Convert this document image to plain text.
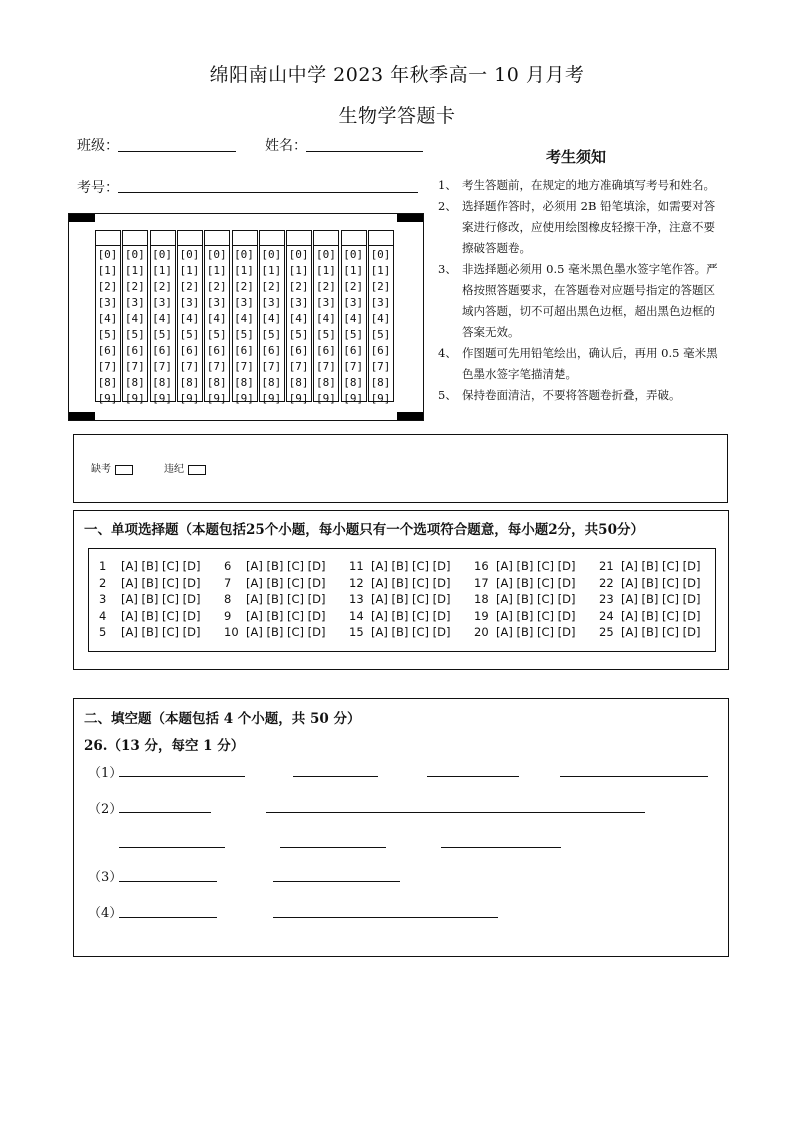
绵阳南山中学 2023 年秋季高一 10 月月考
生物学答题卡
班级：	姓名：
考号：
考生须知
1、 考生答题前，在规定的地方准确填写考号和姓名。
2、 选择题作答时，必须用 2B 铅笔填涂，如需要对答案进行修改，应使用绘图橡皮轻擦干净，注意不要擦破答题卷。
3、 非选择题必须用 0.5 毫米黑色墨水签字笔作答。严格按照答题要求，在答题卷对应题号指定的答题区域内答题，切不可超出黑色边框，超出黑色边框的答案无效。
4、 作图题可先用铅笔绘出，确认后，再用 0.5 毫米黑色墨水签字笔描清楚。
5、 保持卷面清洁，不要将答题卷折叠，弄破。
[0]
[1]
[2]
[3]
[4]
[5]
[6]
[7]
[8]
[9]
[0]
[1]
[2]
[3]
[4]
[5]
[6]
[7]
[8]
[9]
[0]
[1]
[2]
[3]
[4]
[5]
[6]
[7]
[8]
[9]
[0]
[1]
[2]
[3]
[4]
[5]
[6]
[7]
[8]
[9]
[0]
[1]
[2]
[3]
[4]
[5]
[6]
[7]
[8]
[9]
[0]
[1]
[2]
[3]
[4]
[5]
[6]
[7]
[8]
[9]
[0]
[1]
[2]
[3]
[4]
[5]
[6]
[7]
[8]
[9]
[0]
[1]
[2]
[3]
[4]
[5]
[6]
[7]
[8]
[9]
[0]
[1]
[2]
[3]
[4]
[5]
[6]
[7]
[8]
[9]
[0]
[1]
[2]
[3]
[4]
[5]
[6]
[7]
[8]
[9]
[0]
[1]
[2]
[3]
[4]
[5]
[6]
[7]
[8]
[9]
缺考	违纪
一、单项选择题（本题包括25个小题，每小题只有一个选项符合题意，每小题2分，共50分）
1 [A] [B] [C] [D]
2 [A] [B] [C] [D]
3 [A] [B] [C] [D]
4 [A] [B] [C] [D]
5 [A] [B] [C] [D]
6 [A] [B] [C] [D]
7 [A] [B] [C] [D]
8 [A] [B] [C] [D]
9 [A] [B] [C] [D]
10 [A] [B] [C] [D]
11 [A] [B] [C] [D]
12 [A] [B] [C] [D]
13 [A] [B] [C] [D]
14 [A] [B] [C] [D]
15 [A] [B] [C] [D]
16 [A] [B] [C] [D]
17 [A] [B] [C] [D]
18 [A] [B] [C] [D]
19 [A] [B] [C] [D]
20 [A] [B] [C] [D]
21 [A] [B] [C] [D]
22 [A] [B] [C] [D]
23 [A] [B] [C] [D]
24 [A] [B] [C] [D]
25 [A] [B] [C] [D]
二、填空题（本题包括 4 个小题，共 50 分）
26.（13 分，每空 1 分）
（1）
（2）
（3）
（4）
